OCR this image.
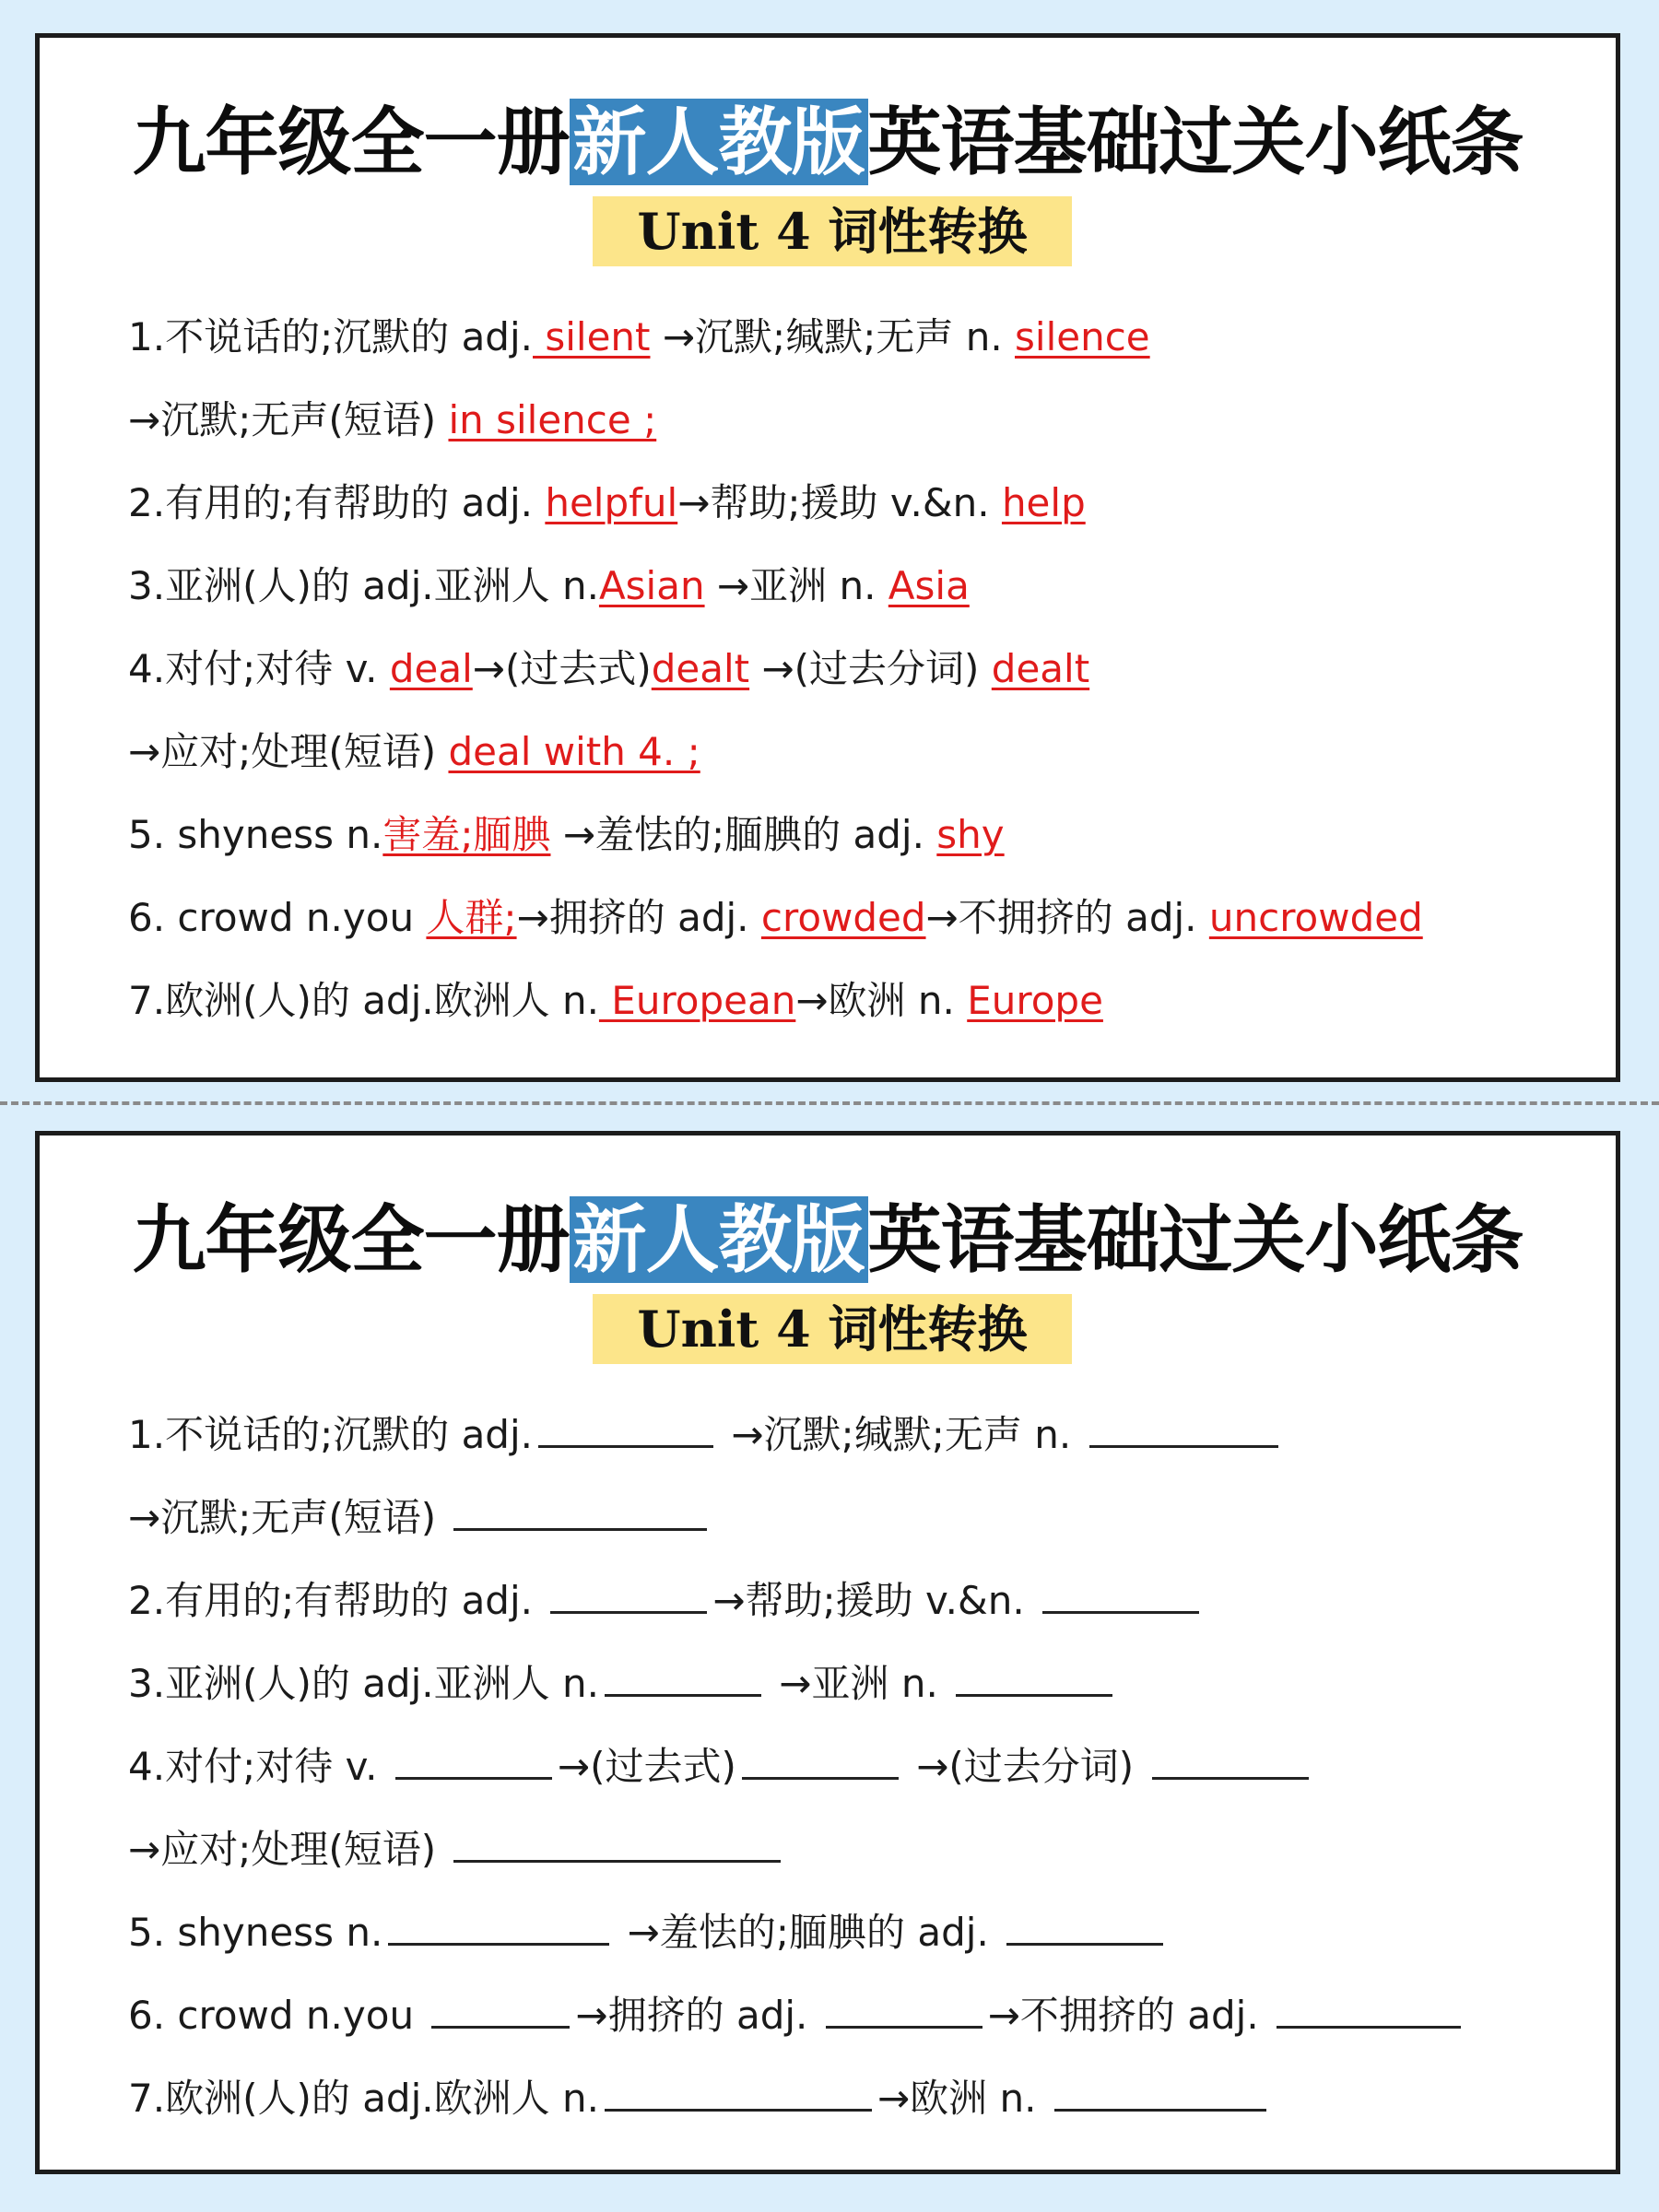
九年级全一册新人教版英语基础过关小纸条
Unit 4 词性转换
1.不说话的;沉默的 adj. silent →沉默;缄默;无声 n. silence
→沉默;无声(短语) in silence ;
2.有用的;有帮助的 adj. helpful→帮助;援助 v.&n. help
3.亚洲(人)的 adj.亚洲人 n.Asian →亚洲 n. Asia
4.对付;对待 v. deal→(过去式)dealt →(过去分词) dealt
→应对;处理(短语) deal with 4. ;
5. shyness n.害羞;腼腆 →羞怯的;腼腆的 adj. shy
6. crowd n.you 人群;→拥挤的 adj. crowded→不拥挤的 adj. uncrowded
7.欧洲(人)的 adj.欧洲人 n. European→欧洲 n. Europe
九年级全一册新人教版英语基础过关小纸条
Unit 4 词性转换
1.不说话的;沉默的 adj.	→沉默;缄默;无声 n.
→沉默;无声(短语)
2.有用的;有帮助的 adj.	→帮助;援助 v.&n.
3.亚洲(人)的 adj.亚洲人 n.	→亚洲 n.
4.对付;对待 v.	→(过去式)	→(过去分词)
→应对;处理(短语)
5. shyness n.	→羞怯的;腼腆的 adj.
6. crowd n.you	→拥挤的 adj.	→不拥挤的 adj.
7.欧洲(人)的 adj.欧洲人 n.	→欧洲 n.
